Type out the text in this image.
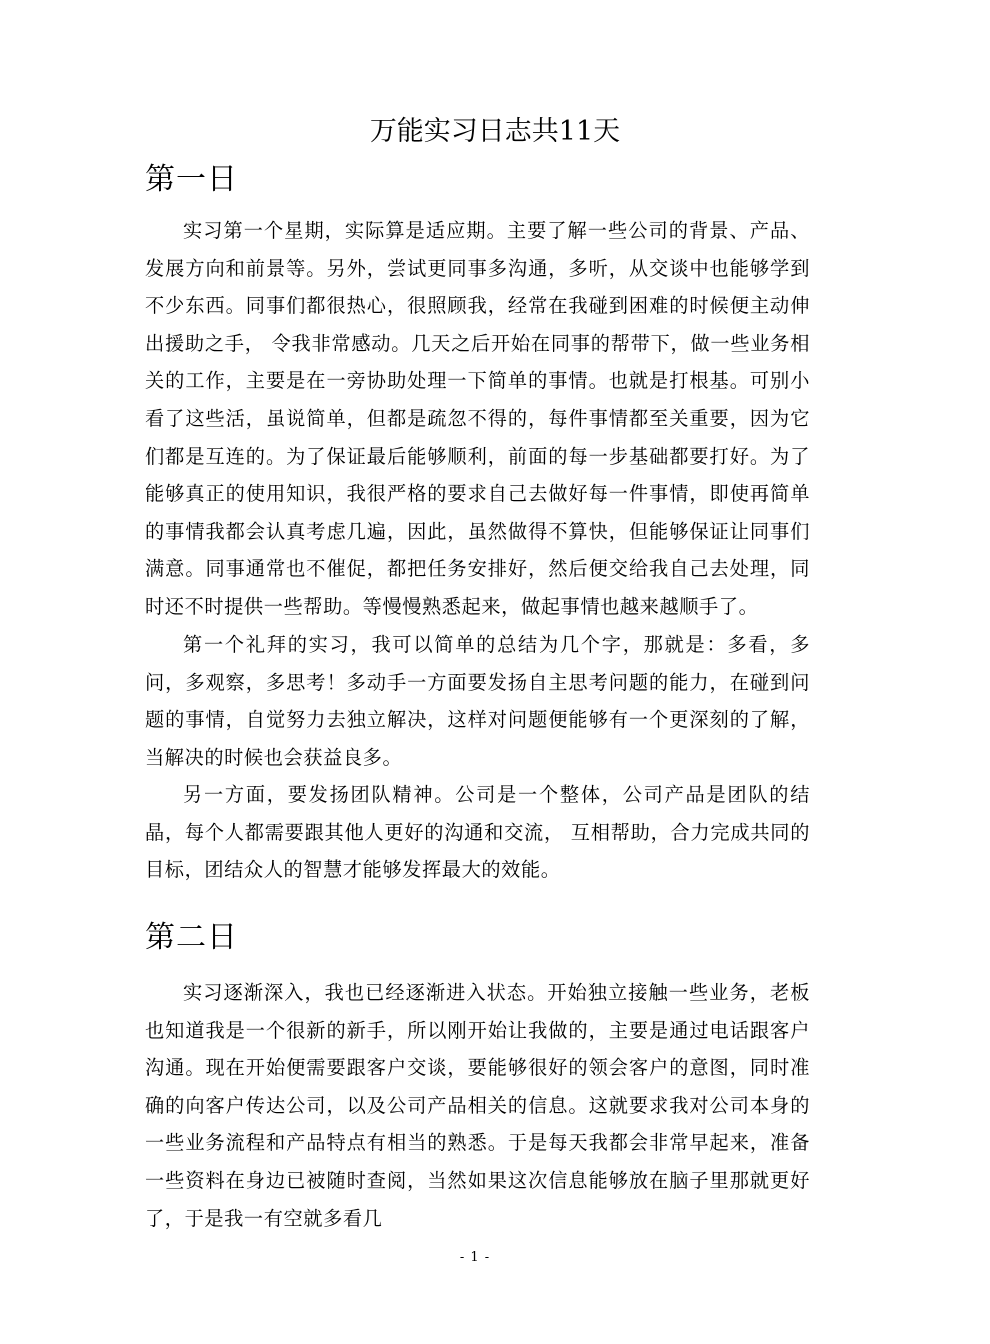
万能实习日志共11天
第一日

实习第一个星期，实际算是适应期。主要了解一些公司的背景、产品、发展方向和前景等。另外，尝试更同事多沟通，多听，从交谈中也能够学到不少东西。同事们都很热心，很照顾我，经常在我碰到困难的时候便主动伸出援助之手， 令我非常感动。几天之后开始在同事的帮带下，做一些业务相关的工作，主要是在一旁协助处理一下简单的事情。也就是打根基。可别小看了这些活，虽说简单，但都是疏忽不得的，每件事情都至关重要，因为它们都是互连的。为了保证最后能够顺利，前面的每一步基础都要打好。为了能够真正的使用知识，我很严格的要求自己去做好每一件事情，即使再简单的事情我都会认真考虑几遍，因此，虽然做得不算快，但能够保证让同事们满意。同事通常也不催促，都把任务安排好，然后便交给我自己去处理，同时还不时提供一些帮助。等慢慢熟悉起来，做起事情也越来越顺手了。

第一个礼拜的实习，我可以简单的总结为几个字，那就是：多看，多问，多观察，多思考！多动手一方面要发扬自主思考问题的能力，在碰到问题的事情，自觉努力去独立解决，这样对问题便能够有一个更深刻的了解，当解决的时候也会获益良多。

另一方面，要发扬团队精神。公司是一个整体，公司产品是团队的结晶，每个人都需要跟其他人更好的沟通和交流， 互相帮助，合力完成共同的目标，团结众人的智慧才能够发挥最大的效能。

第二日

实习逐渐深入，我也已经逐渐进入状态。开始独立接触一些业务，老板也知道我是一个很新的新手，所以刚开始让我做的，主要是通过电话跟客户沟通。现在开始便需要跟客户交谈，要能够很好的领会客户的意图，同时准确的向客户传达公司，以及公司产品相关的信息。这就要求我对公司本身的一些业务流程和产品特点有相当的熟悉。于是每天我都会非常早起来，准备一些资料在身边已被随时查阅，当然如果这次信息能够放在脑子里那就更好了，于是我一有空就多看几

- 1 -
